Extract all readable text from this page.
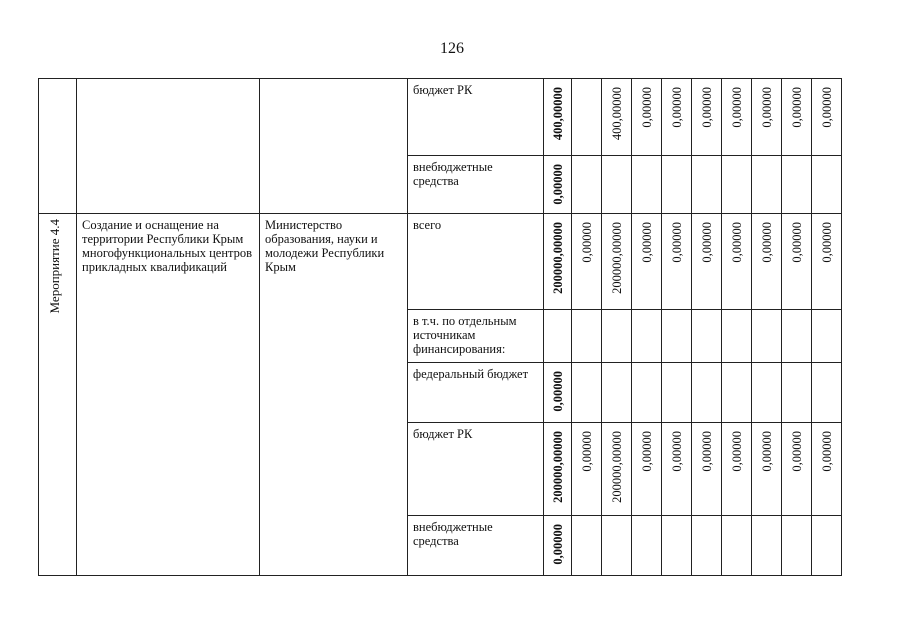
126

			бюджет РК	400,00000		400,00000	0,00000	0,00000	0,00000	0,00000	0,00000	0,00000	0,00000

			внебюджетные средства	0,00000									

Мероприятие 4.4	Создание и оснащение на территории Республики Крым многофункциональных центров прикладных квалификаций	Министерство образования, науки и молодежи Республики Крым	всего	200000,00000	0,00000	200000,00000	0,00000	0,00000	0,00000	0,00000	0,00000	0,00000	0,00000

			в т.ч. по отдельным источникам финансирования:										

			федеральный бюджет	0,00000									

			бюджет РК	200000,00000	0,00000	200000,00000	0,00000	0,00000	0,00000	0,00000	0,00000	0,00000	0,00000

			внебюджетные средства	0,00000									
